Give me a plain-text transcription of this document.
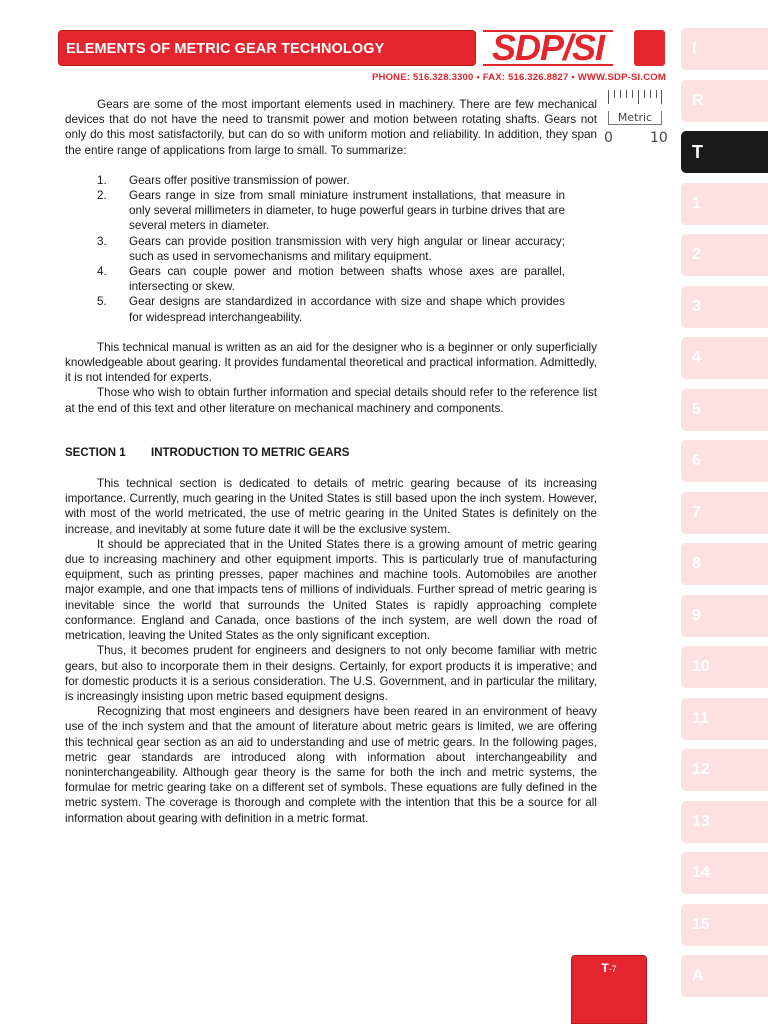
ELEMENTS OF METRIC GEAR TECHNOLOGY	SDP/SI
PHONE: 516.328.3300 • FAX: 516.326.8827 • WWW.SDP-SI.COM
Metric
0	10

Gears are some of the most important elements used in machinery. There are few mechanical devices that do not have the need to transmit power and motion between rotating shafts. Gears not only do this most satisfactorily, but can do so with uniform motion and reliability. In addition, they span the entire range of applications from large to small. To summarize:

1. Gears offer positive transmission of power.
2. Gears range in size from small miniature instrument installations, that measure in only several millimeters in diameter, to huge powerful gears in turbine drives that are several meters in diameter.
3. Gears can provide position transmission with very high angular or linear accuracy; such as used in servomechanisms and military equipment.
4. Gears can couple power and motion between shafts whose axes are parallel, intersecting or skew.
5. Gear designs are standardized in accordance with size and shape which provides for widespread interchangeability.

This technical manual is written as an aid for the designer who is a beginner or only superficially knowledgeable about gearing. It provides fundamental theoretical and practical information. Admittedly, it is not intended for experts.

Those who wish to obtain further information and special details should refer to the reference list at the end of this text and other literature on mechanical machinery and components.

SECTION 1 INTRODUCTION TO METRIC GEARS

This technical section is dedicated to details of metric gearing because of its increasing importance. Currently, much gearing in the United States is still based upon the inch system. However, with most of the world metricated, the use of metric gearing in the United States is definitely on the increase, and inevitably at some future date it will be the exclusive system.

It should be appreciated that in the United States there is a growing amount of metric gearing due to increasing machinery and other equipment imports. This is particularly true of manufacturing equipment, such as printing presses, paper machines and machine tools. Automobiles are another major example, and one that impacts tens of millions of individuals. Further spread of metric gearing is inevitable since the world that surrounds the United States is rapidly approaching complete conformance. England and Canada, once bastions of the inch system, are well down the road of metrication, leaving the United States as the only significant exception.

Thus, it becomes prudent for engineers and designers to not only become familiar with metric gears, but also to incorporate them in their designs. Certainly, for export products it is imperative; and for domestic products it is a serious consideration. The U.S. Government, and in particular the military, is increasingly insisting upon metric based equipment designs.

Recognizing that most engineers and designers have been reared in an environment of heavy use of the inch system and that the amount of literature about metric gears is limited, we are offering this technical gear section as an aid to understanding and use of metric gears. In the following pages, metric gear standards are introduced along with information about interchangeability and noninterchangeability. Although gear theory is the same for both the inch and metric systems, the formulae for metric gearing take on a different set of symbols. These equations are fully defined in the metric system. The coverage is thorough and complete with the intention that this be a source for all information about gearing with definition in a metric format.

I
R
T
1
2
3
4
5
6
7
8
9
10
11
12
13
14
15
A
T-7
